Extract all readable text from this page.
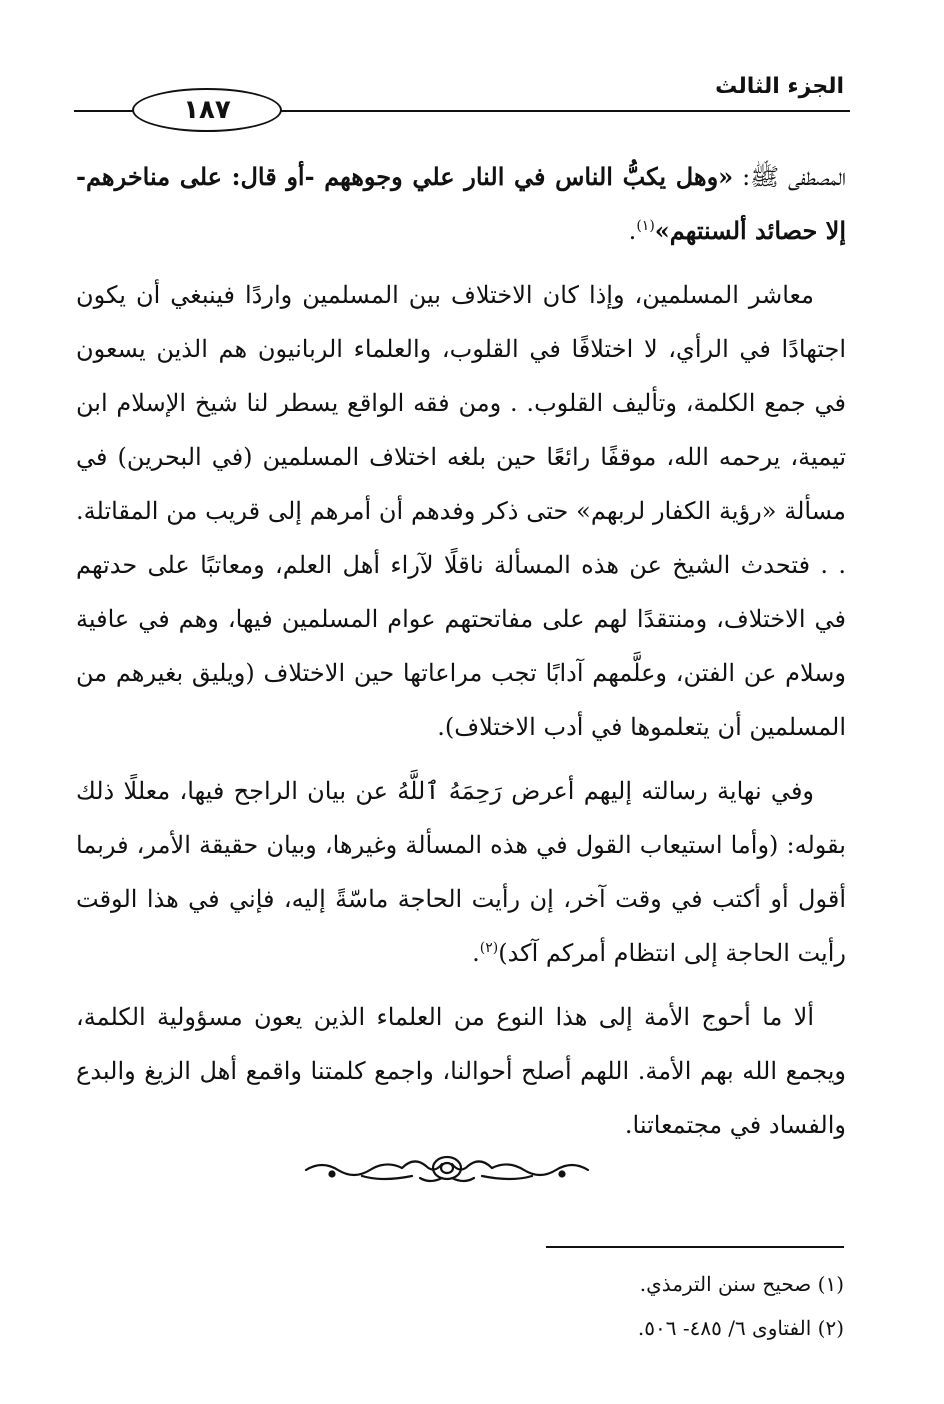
الجزء الثالث
١٨٧

المصطفى ﷺ: «وهل يكبُّ الناس في النار علي وجوههم -أو قال: على مناخرهم- إلا حصائد ألسنتهم»$^{(١)}$.

معاشر المسلمين، وإذا كان الاختلاف بين المسلمين واردًا فينبغي أن يكون اجتهادًا في الرأي، لا اختلافًا في القلوب، والعلماء الربانيون هم الذين يسعون في جمع الكلمة، وتأليف القلوب. . ومن فقه الواقع يسطر لنا شيخ الإسلام ابن تيمية، يرحمه الله، موقفًا رائعًا حين بلغه اختلاف المسلمين (في البحرين) في مسألة «رؤية الكفار لربهم» حتى ذكر وفدهم أن أمرهم إلى قريب من المقاتلة. . . فتحدث الشيخ عن هذه المسألة ناقلًا لآراء أهل العلم، ومعاتبًا على حدتهم في الاختلاف، ومنتقدًا لهم على مفاتحتهم عوام المسلمين فيها، وهم في عافية وسلام عن الفتن، وعلَّمهم آدابًا تجب مراعاتها حين الاختلاف (ويليق بغيرهم من المسلمين أن يتعلموها في أدب الاختلاف).

وفي نهاية رسالته إليهم أعرض رَحِمَهُ ٱللَّهُ عن بيان الراجح فيها، معللًا ذلك بقوله: (وأما استيعاب القول في هذه المسألة وغيرها، وبيان حقيقة الأمر، فربما أقول أو أكتب في وقت آخر، إن رأيت الحاجة ماسّةً إليه، فإني في هذا الوقت رأيت الحاجة إلى انتظام أمركم آكد)$^{(٢)}$.

ألا ما أحوج الأمة إلى هذا النوع من العلماء الذين يعون مسؤولية الكلمة، ويجمع الله بهم الأمة. اللهم أصلح أحوالنا، واجمع كلمتنا واقمع أهل الزيغ والبدع والفساد في مجتمعاتنا.

(١) صحيح سنن الترمذي.
(٢) الفتاوى ٦/ ٤٨٥- ٥٠٦.
